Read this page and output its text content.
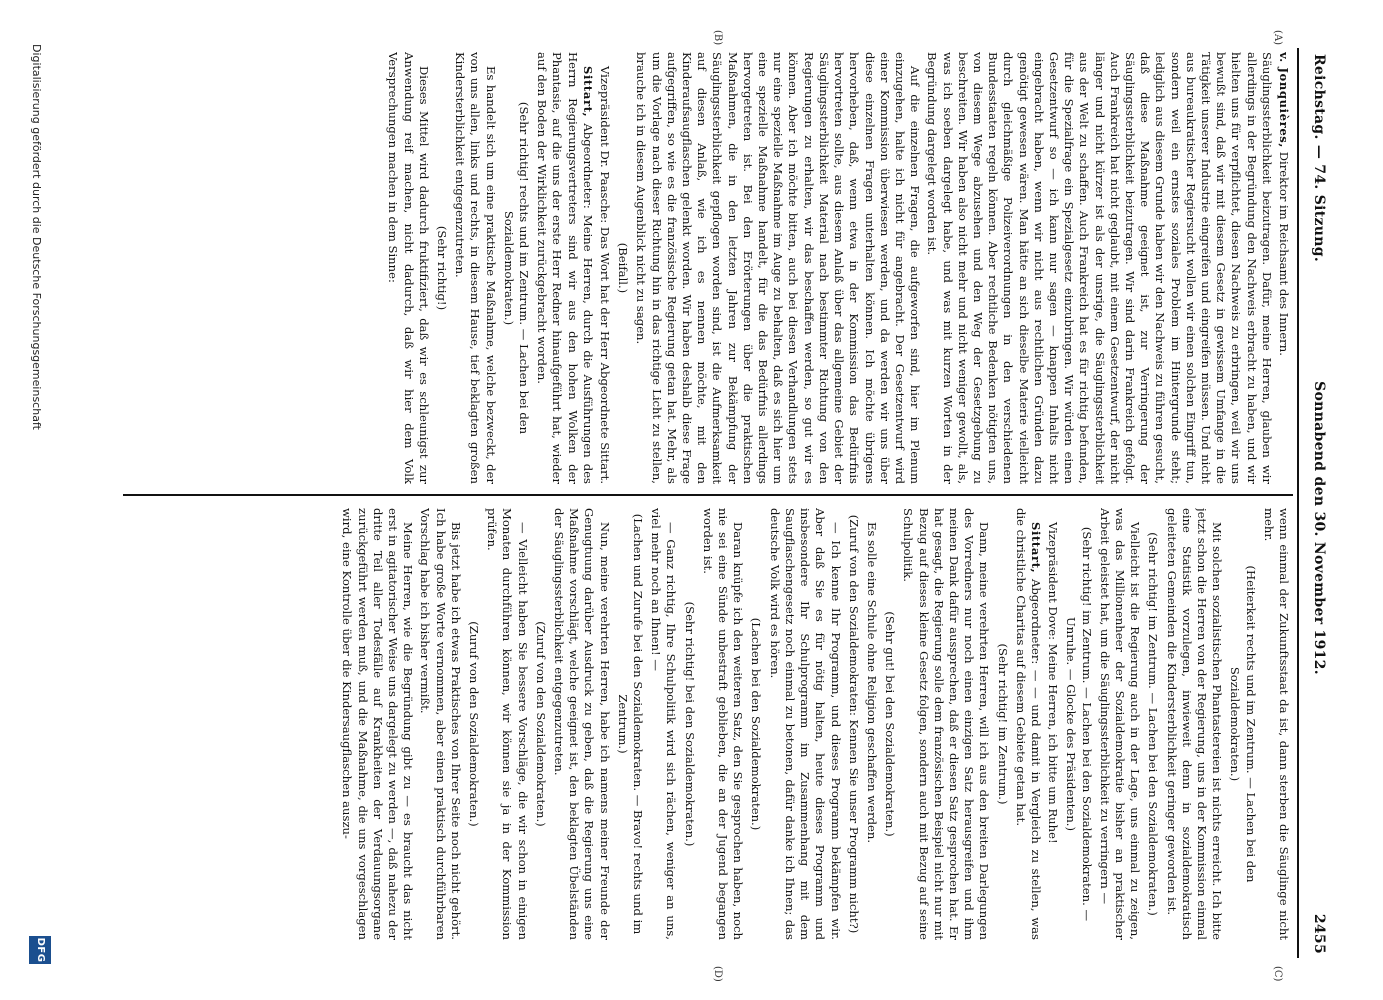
Reichstag. — 74. Sitzung.
Sonnabend den 30. November 1912.
2455
(A)
(B)
(C)
(D)

v. Jonquières, Direktor im Reichsamt des Innern.

Säuglingssterblichkeit beizutragen. Dafür, meine Herren, glauben wir allerdings in der Begründung den Nachweis erbracht zu haben, und wir hielten uns für verpflichtet, diesen Nachweis zu erbringen, weil wir uns bewußt sind, daß wir mit diesem Gesetz in gewissem Umfange in die Tätigkeit unserer Industrie eingreifen und eingreifen müssen. Und nicht aus bureaukratischer Regiersucht wollen wir einen solchen Eingriff tun, sondern weil ein ernstes soziales Problem im Hintergrunde steht; lediglich aus diesem Grunde haben wir den Nachweis zu führen gesucht, daß diese Maßnahme geeignet ist, zur Verringerung der Säuglingssterblichkeit beizutragen. Wir sind darin Frankreich gefolgt. Auch Frankreich hat nicht geglaubt, mit einem Gesetzentwurf, der nicht länger und nicht kürzer ist als der unsrige, die Säuglingssterblichkeit aus der Welt zu schaffen. Auch Frankreich hat es für richtig befunden, für die Spezialfrage ein Spezialgesetz einzubringen. Wir würden einen Gesetzentwurf so — ich kann nur sagen — knappen Inhalts nicht eingebracht haben, wenn wir nicht aus rechtlichen Gründen dazu genötigt gewesen wären. Man hätte an sich dieselbe Materie vielleicht durch gleichmäßige Polizeiverordnungen in den verschiedenen Bundesstaaten regeln können. Aber rechtliche Bedenken nötigten uns, von diesem Wege abzusehen und den Weg der Gesetzgebung zu beschreiten. Wir haben also nicht mehr und nicht weniger gewollt, als, was ich soeben dargelegt habe, und was mit kurzen Worten in der Begründung dargelegt worden ist.

Auf die einzelnen Fragen, die aufgeworfen sind, hier im Plenum einzugehen, halte ich nicht für angebracht. Der Gesetzentwurf wird einer Kommission überwiesen werden, und da werden wir uns über diese einzelnen Fragen unterhalten können. Ich möchte übrigens hervorheben, daß, wenn etwa in der Kommission das Bedürfnis hervortreten sollte, aus diesem Anlaß über das allgemeine Gebiet der Säuglingssterblichkeit Material nach bestimmter Richtung von den Regierungen zu erhalten, wir das beschaffen werden, so gut wir es können. Aber ich möchte bitten, auch bei diesen Verhandlungen stets nur eine spezielle Maßnahme im Auge zu behalten, daß es sich hier um eine spezielle Maßnahme handelt, für die das Bedürfnis allerdings hervorgetreten ist. Bei den Erörterungen über die praktischen Maßnahmen, die in den letzten Jahren zur Bekämpfung der Säuglingssterblichkeit gepflogen worden sind, ist die Aufmerksamkeit auf diesen Anlaß, wie ich es nennen möchte, mit den Kinderaufsaugflaschen gelenkt worden. Wir haben deshalb diese Frage aufgegriffen, so wie es die französische Regierung getan hat. Mehr, als um die Vorlage nach dieser Richtung hin in das richtige Licht zu stellen, brauche ich in diesem Augenblick nicht zu sagen.

(Beifall.)

Vizepräsident Dr. Paasche: Das Wort hat der Herr Abgeordnete Sittart.

Sittart, Abgeordneter: Meine Herren, durch die Ausführungen des Herrn Regierungsvertreters sind wir aus den hohen Wolken der Phantasie, auf die uns der erste Herr Redner hinaufgeführt hat, wieder auf den Boden der Wirklichkeit zurückgebracht worden.

(Sehr richtig! rechts und im Zentrum. — Lachen bei den Sozialdemokraten.)

Es handelt sich um eine praktische Maßnahme, welche bezweckt, der von uns allen, links und rechts, in diesem Hause, tief beklagten großen Kindersterblichkeit entgegenzutreten.

(Sehr richtig!)

Dieses Mittel wird dadurch fruktifiziert, daß wir es schleunigst zur Anwendung reif machen, nicht dadurch, daß wir hier dem Volk Versprechungen machen in dem Sinne:

wenn einmal der Zukunftsstaat da ist, dann sterben die Säuglinge nicht mehr.

(Heiterkeit rechts und im Zentrum. — Lachen bei den Sozialdemokraten.)

Mit solchen sozialistischen Phantastereien ist nichts erreicht. Ich bitte jetzt schon die Herren von der Regierung, uns in der Kommission einmal eine Statistik vorzulegen, inwieweit denn in sozialdemokratisch geleiteten Gemeinden die Kindersterblichkeit geringer geworden ist.

(Sehr richtig! im Zentrum. — Lachen bei den Sozialdemokraten.)

Vielleicht ist die Regierung auch in der Lage, uns einmal zu zeigen, was das Millionenheer der Sozialdemokratie bisher an praktischer Arbeit geleistet hat, um die Säuglingssterblichkeit zu verringern —

(Sehr richtig! im Zentrum. — Lachen bei den Sozialdemokraten. — Unruhe. — Glocke des Präsidenten.)

Vizepräsident Dove: Meine Herren, ich bitte um Ruhe!

Sittart, Abgeordneter: — — und damit in Vergleich zu stellen, was die christliche Charitas auf diesem Gebiete getan hat.

(Sehr richtig! im Zentrum.)

Dann, meine verehrten Herren, will ich aus den breiten Darlegungen des Vorredners nur noch einen einzigen Satz herausgreifen und ihm meinen Dank dafür aussprechen, daß er diesen Satz gesprochen hat. Er hat gesagt, die Regierung solle dem französischen Beispiel nicht nur mit Bezug auf dieses kleine Gesetz folgen, sondern auch mit Bezug auf seine Schulpolitik.

(Sehr gut! bei den Sozialdemokraten.)

Es solle eine Schule ohne Religion geschaffen werden.

(Zuruf von den Sozialdemokraten: Kennen Sie unser Programm nicht?)

— Ich kenne Ihr Programm, und dieses Programm bekämpfen wir. Aber daß Sie es für nötig halten, heute dieses Programm und insbesondere Ihr Schulprogramm im Zusammenhang mit dem Saugflaschengesetz noch einmal zu betonen, dafür danke ich Ihnen; das deutsche Volk wird es hören.

(Lachen bei den Sozialdemokraten.)

Daran knüpfe ich den weiteren Satz, den Sie gesprochen haben, noch nie sei eine Sünde unbestraft geblieben, die an der Jugend begangen worden ist.

(Sehr richtig! bei den Sozialdemokraten.)

— Ganz richtig, Ihre Schulpolitik wird sich rächen, weniger an uns, viel mehr noch an Ihnen! —

(Lachen und Zurufe bei den Sozialdemokraten. — Bravo! rechts und im Zentrum.)

Nun, meine verehrten Herren, habe ich namens meiner Freunde der Genugtuung darüber Ausdruck zu geben, daß die Regierung uns eine Maßnahme vorschlägt, welche geeignet ist, den beklagten Übelständen der Säuglingssterblichkeit entgegenzutreten.

(Zuruf von den Sozialdemokraten.)

— Vielleicht haben Sie bessere Vorschläge, die wir schon in einigen Monaten durchführen können, wir können sie ja in der Kommission prüfen.

(Zuruf von den Sozialdemokraten.)

Bis jetzt habe ich etwas Praktisches von Ihrer Seite noch nicht gehört. Ich habe große Worte vernommen, aber einen praktisch durchführbaren Vorschlag habe ich bisher vermißt.

Meine Herren, wie die Begründung gibt zu — es braucht das nicht erst in agitatorischer Weise uns dargelegt zu werden —, daß nahezu der dritte Teil aller Todesfälle auf Krankheiten der Verdauungsorgane zurückgeführt werden muß, und die Maßnahme, die uns vorgeschlagen wird, eine Kontrolle über die Kindersaugflaschen auszu-

Digitalisierung gefördert durch die Deutsche Forschungsgemeinschaft
DFG
